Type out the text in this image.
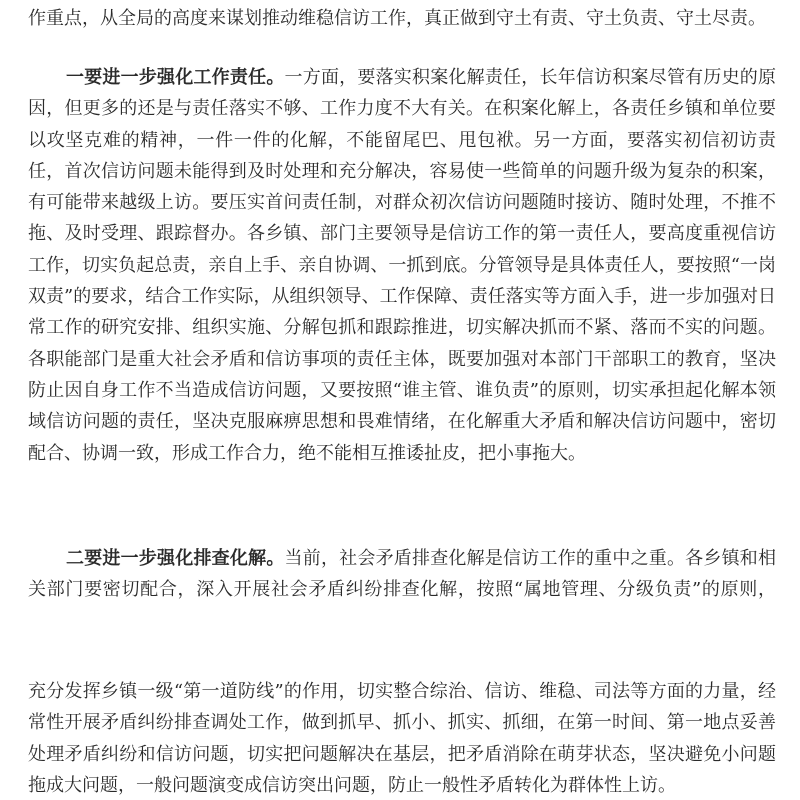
作重点，从全局的高度来谋划推动维稳信访工作，真正做到守土有责、守土负责、守土尽责。

一要进一步强化工作责任。一方面，要落实积案化解责任，长年信访积案尽管有历史的原因，但更多的还是与责任落实不够、工作力度不大有关。在积案化解上，各责任乡镇和单位要以攻坚克难的精神，一件一件的化解，不能留尾巴、甩包袱。另一方面，要落实初信初访责任，首次信访问题未能得到及时处理和充分解决，容易使一些简单的问题升级为复杂的积案，有可能带来越级上访。要压实首问责任制，对群众初次信访问题随时接访、随时处理，不推不拖、及时受理、跟踪督办。各乡镇、部门主要领导是信访工作的第一责任人，要高度重视信访工作，切实负起总责，亲自上手、亲自协调、一抓到底。分管领导是具体责任人，要按照“一岗双责”的要求，结合工作实际，从组织领导、工作保障、责任落实等方面入手，进一步加强对日常工作的研究安排、组织实施、分解包抓和跟踪推进，切实解决抓而不紧、落而不实的问题。各职能部门是重大社会矛盾和信访事项的责任主体，既要加强对本部门干部职工的教育，坚决防止因自身工作不当造成信访问题，又要按照“谁主管、谁负责”的原则，切实承担起化解本领域信访问题的责任，坚决克服麻痹思想和畏难情绪，在化解重大矛盾和解决信访问题中，密切配合、协调一致，形成工作合力，绝不能相互推诿扯皮，把小事拖大。

二要进一步强化排查化解。当前，社会矛盾排查化解是信访工作的重中之重。各乡镇和相关部门要密切配合，深入开展社会矛盾纠纷排查化解，按照“属地管理、分级负责”的原则，

充分发挥乡镇一级“第一道防线”的作用，切实整合综治、信访、维稳、司法等方面的力量，经常性开展矛盾纠纷排查调处工作，做到抓早、抓小、抓实、抓细，在第一时间、第一地点妥善处理矛盾纠纷和信访问题，切实把问题解决在基层，把矛盾消除在萌芽状态，坚决避免小问题拖成大问题，一般问题演变成信访突出问题，防止一般性矛盾转化为群体性上访。
